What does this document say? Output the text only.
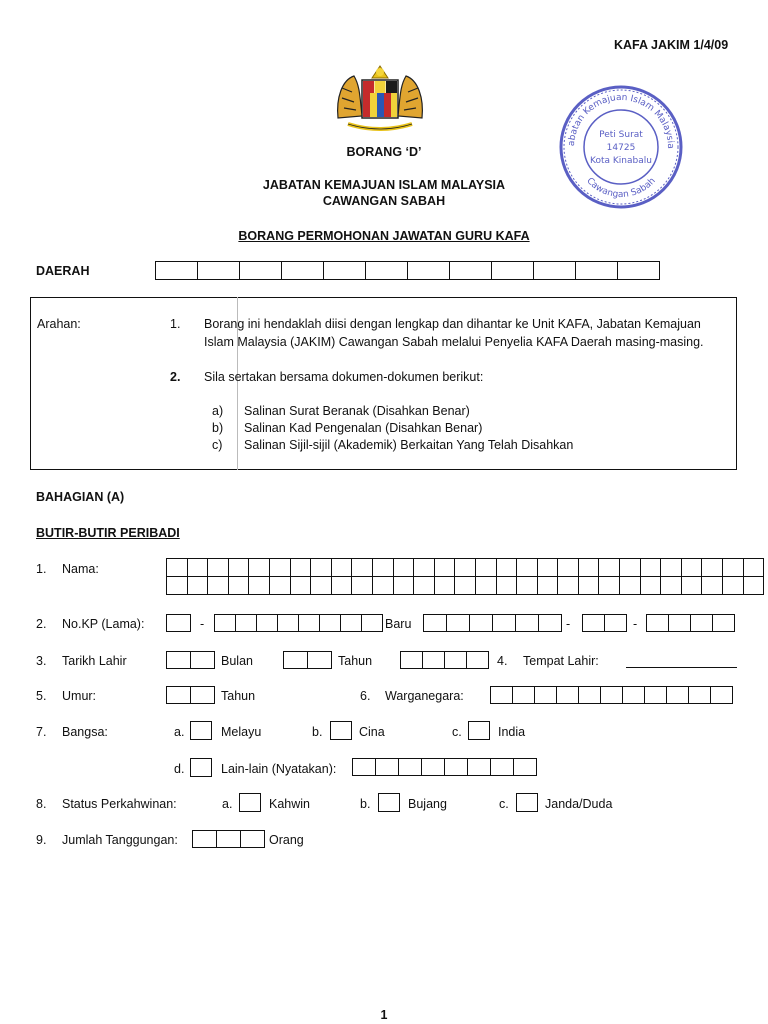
KAFA JAKIM 1/4/09
abatan Kemajuan Islam Malaysia
Cawangan Sabah
Peti Surat
14725
Kota Kinabalu
BORANG ‘D’
JABATAN KEMAJUAN ISLAM MALAYSIA
CAWANGAN SABAH
BORANG PERMOHONAN JAWATAN GURU KAFA
DAERAH

Arahan:	1. Borang ini hendaklah diisi dengan lengkap dan dihantar ke Unit KAFA, Jabatan Kemajuan
Islam Malaysia (JAKIM) Cawangan Sabah melalui Penyelia KAFA Daerah masing-masing.
2. Sila sertakan bersama dokumen-dokumen berikut:
a) Salinan Surat Beranak (Disahkan Benar)
b) Salinan Kad Pengenalan (Disahkan Benar)
c) Salinan Sijil-sijil (Akademik) Berkaitan Yang Telah Disahkan
BAHAGIAN (A)
BUTIR-BUTIR PERIBADI
1. Nama:

2. No.KP (Lama):	-	Baru	-	-
3. Tarikh Lahir	Bulan	Tahun	4. Tempat Lahir:
5. Umur:	Tahun	6. Warganegara:
7. Bangsa:	a.	Melayu	b.	Cina	c.	India
d.	Lain-lain (Nyatakan):
8. Status Perkahwinan:	a.	Kahwin	b.	Bujang	c.	Janda/Duda
9. Jumlah Tanggungan:	Orang
1
